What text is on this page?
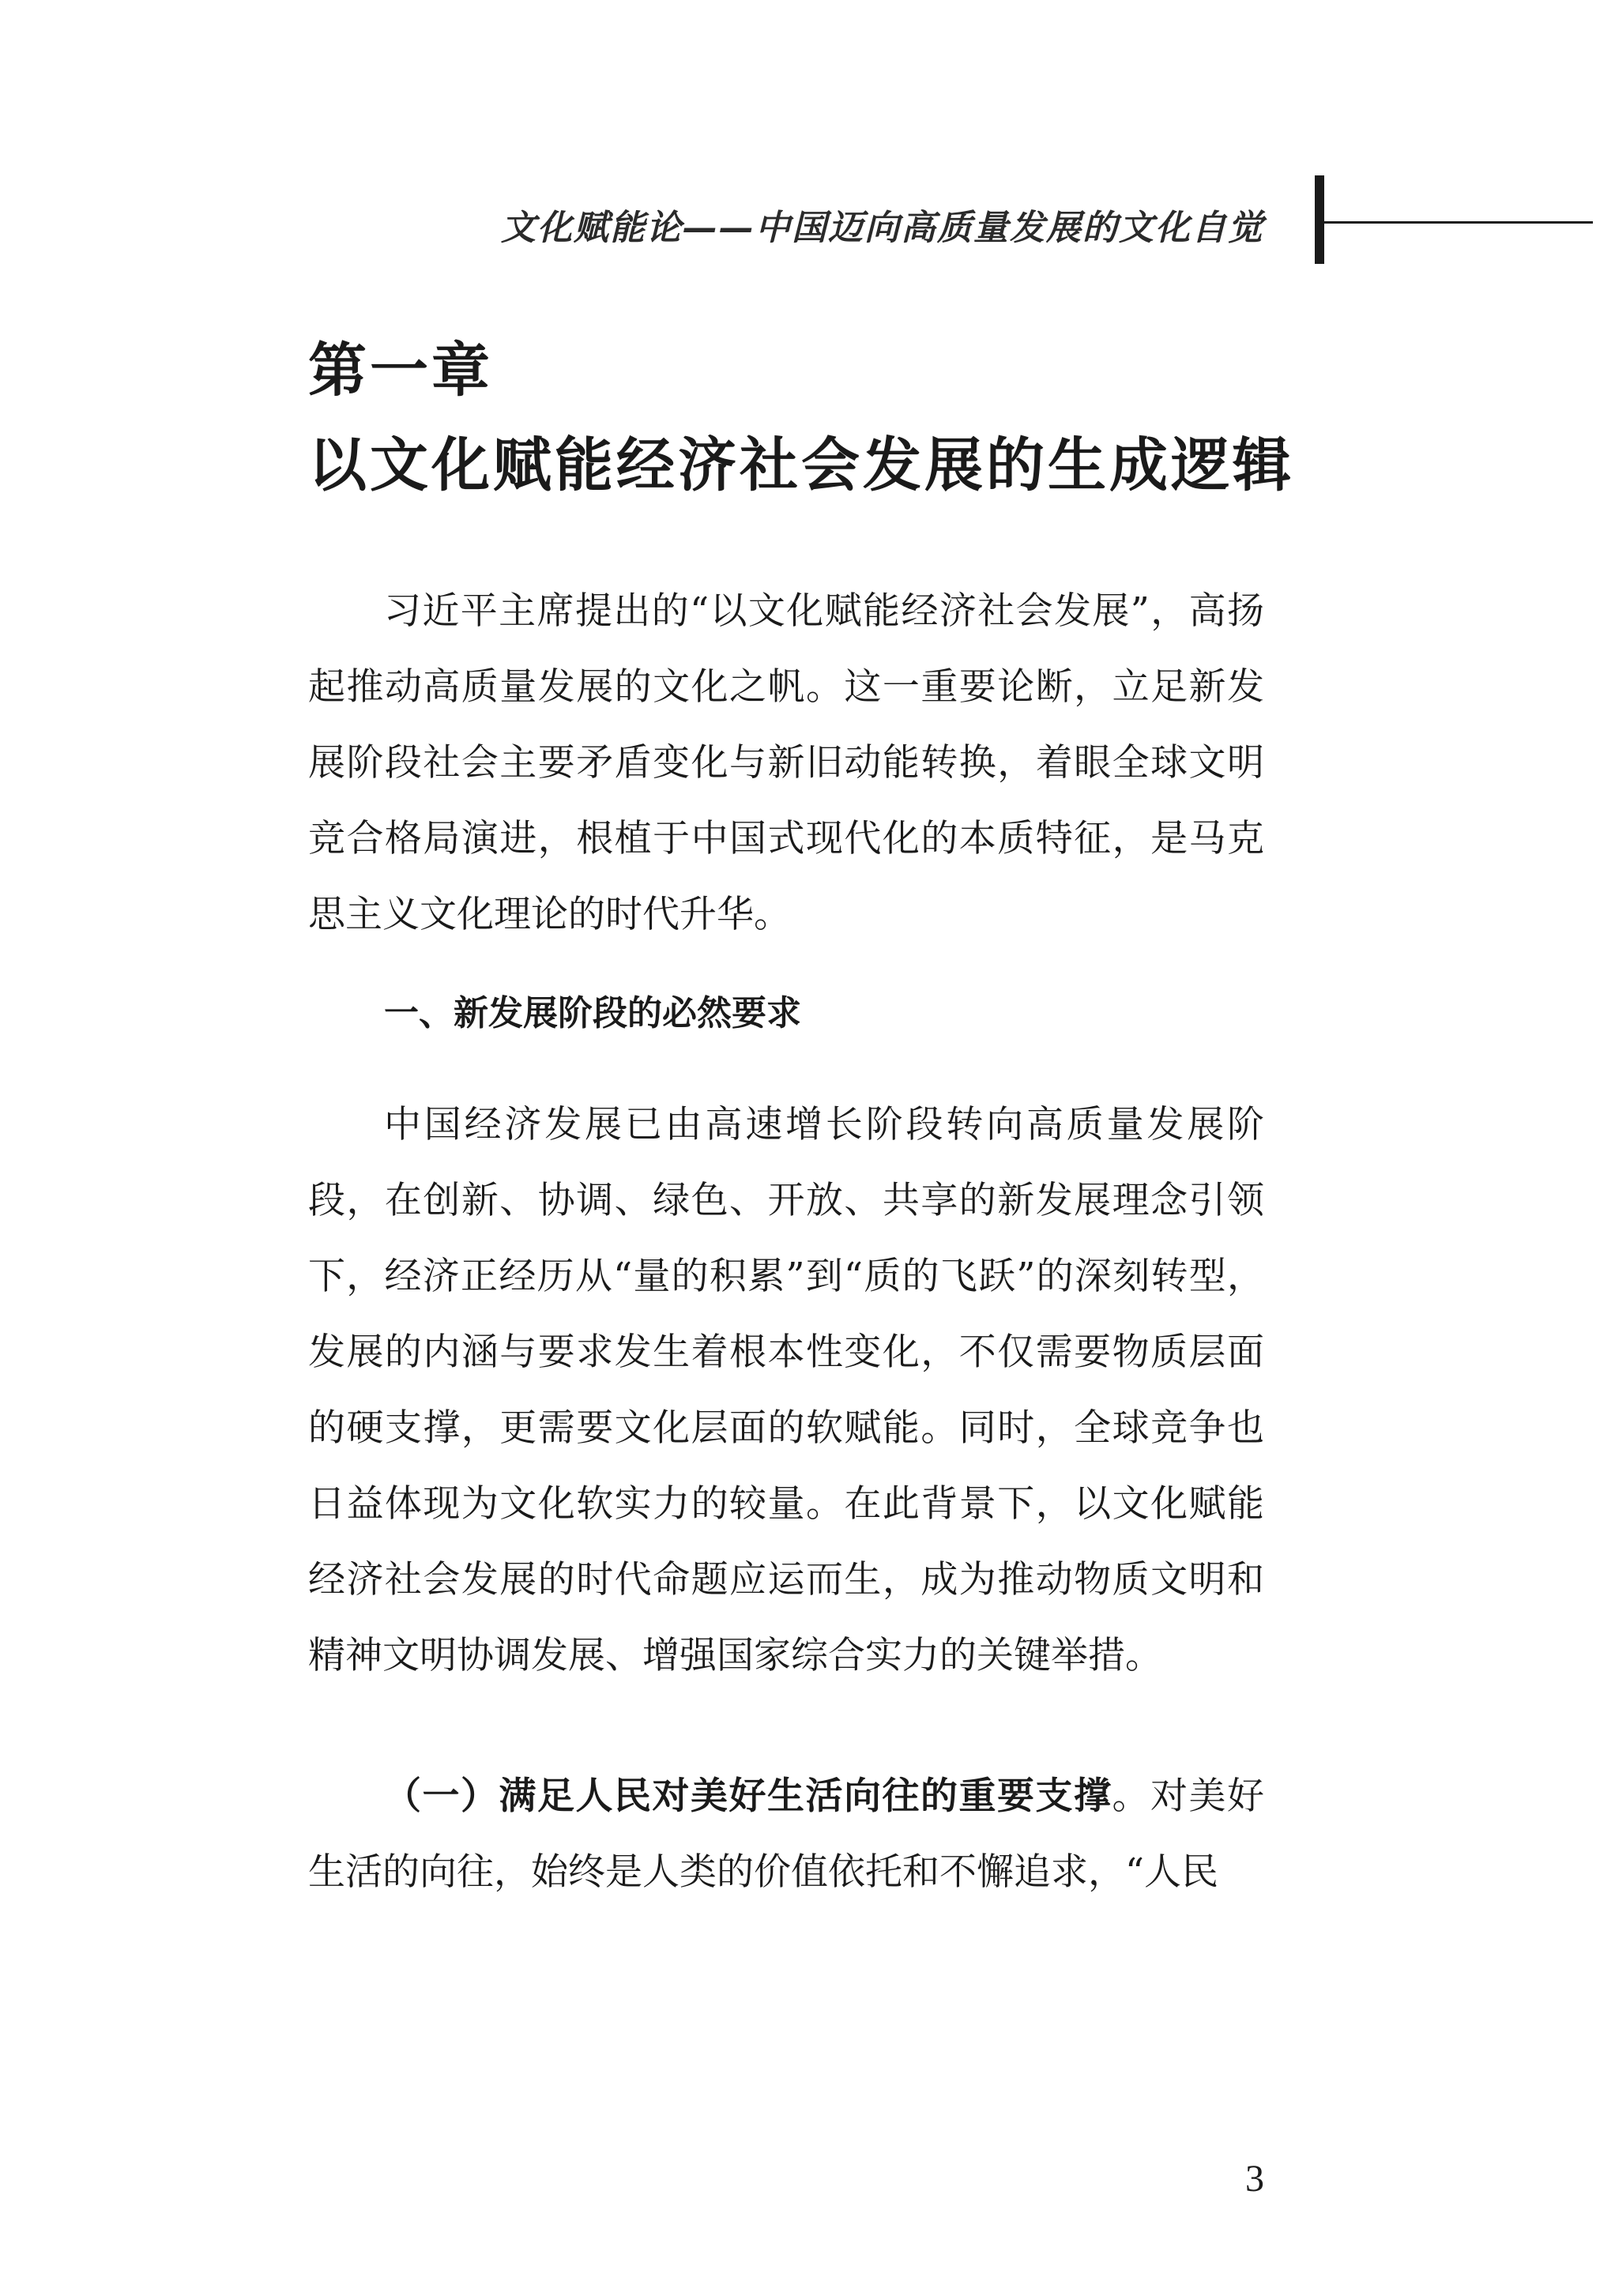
文化赋能论——中国迈向高质量发展的文化自觉
第一章
以文化赋能经济社会发展的生成逻辑

习近平主席提出的“以文化赋能经济社会发展”，高扬起推动高质量发展的文化之帆。这一重要论断，立足新发展阶段社会主要矛盾变化与新旧动能转换，着眼全球文明竞合格局演进，根植于中国式现代化的本质特征，是马克思主义文化理论的时代升华。

一、新发展阶段的必然要求

中国经济发展已由高速增长阶段转向高质量发展阶段，在创新、协调、绿色、开放、共享的新发展理念引领下，经济正经历从“量的积累”到“质的飞跃”的深刻转型，发展的内涵与要求发生着根本性变化，不仅需要物质层面的硬支撑，更需要文化层面的软赋能。同时，全球竞争也日益体现为文化软实力的较量。在此背景下，以文化赋能经济社会发展的时代命题应运而生，成为推动物质文明和精神文明协调发展、增强国家综合实力的关键举措。

（一）满足人民对美好生活向往的重要支撑。对美好生活的向往，始终是人类的价值依托和不懈追求，“人民

3
